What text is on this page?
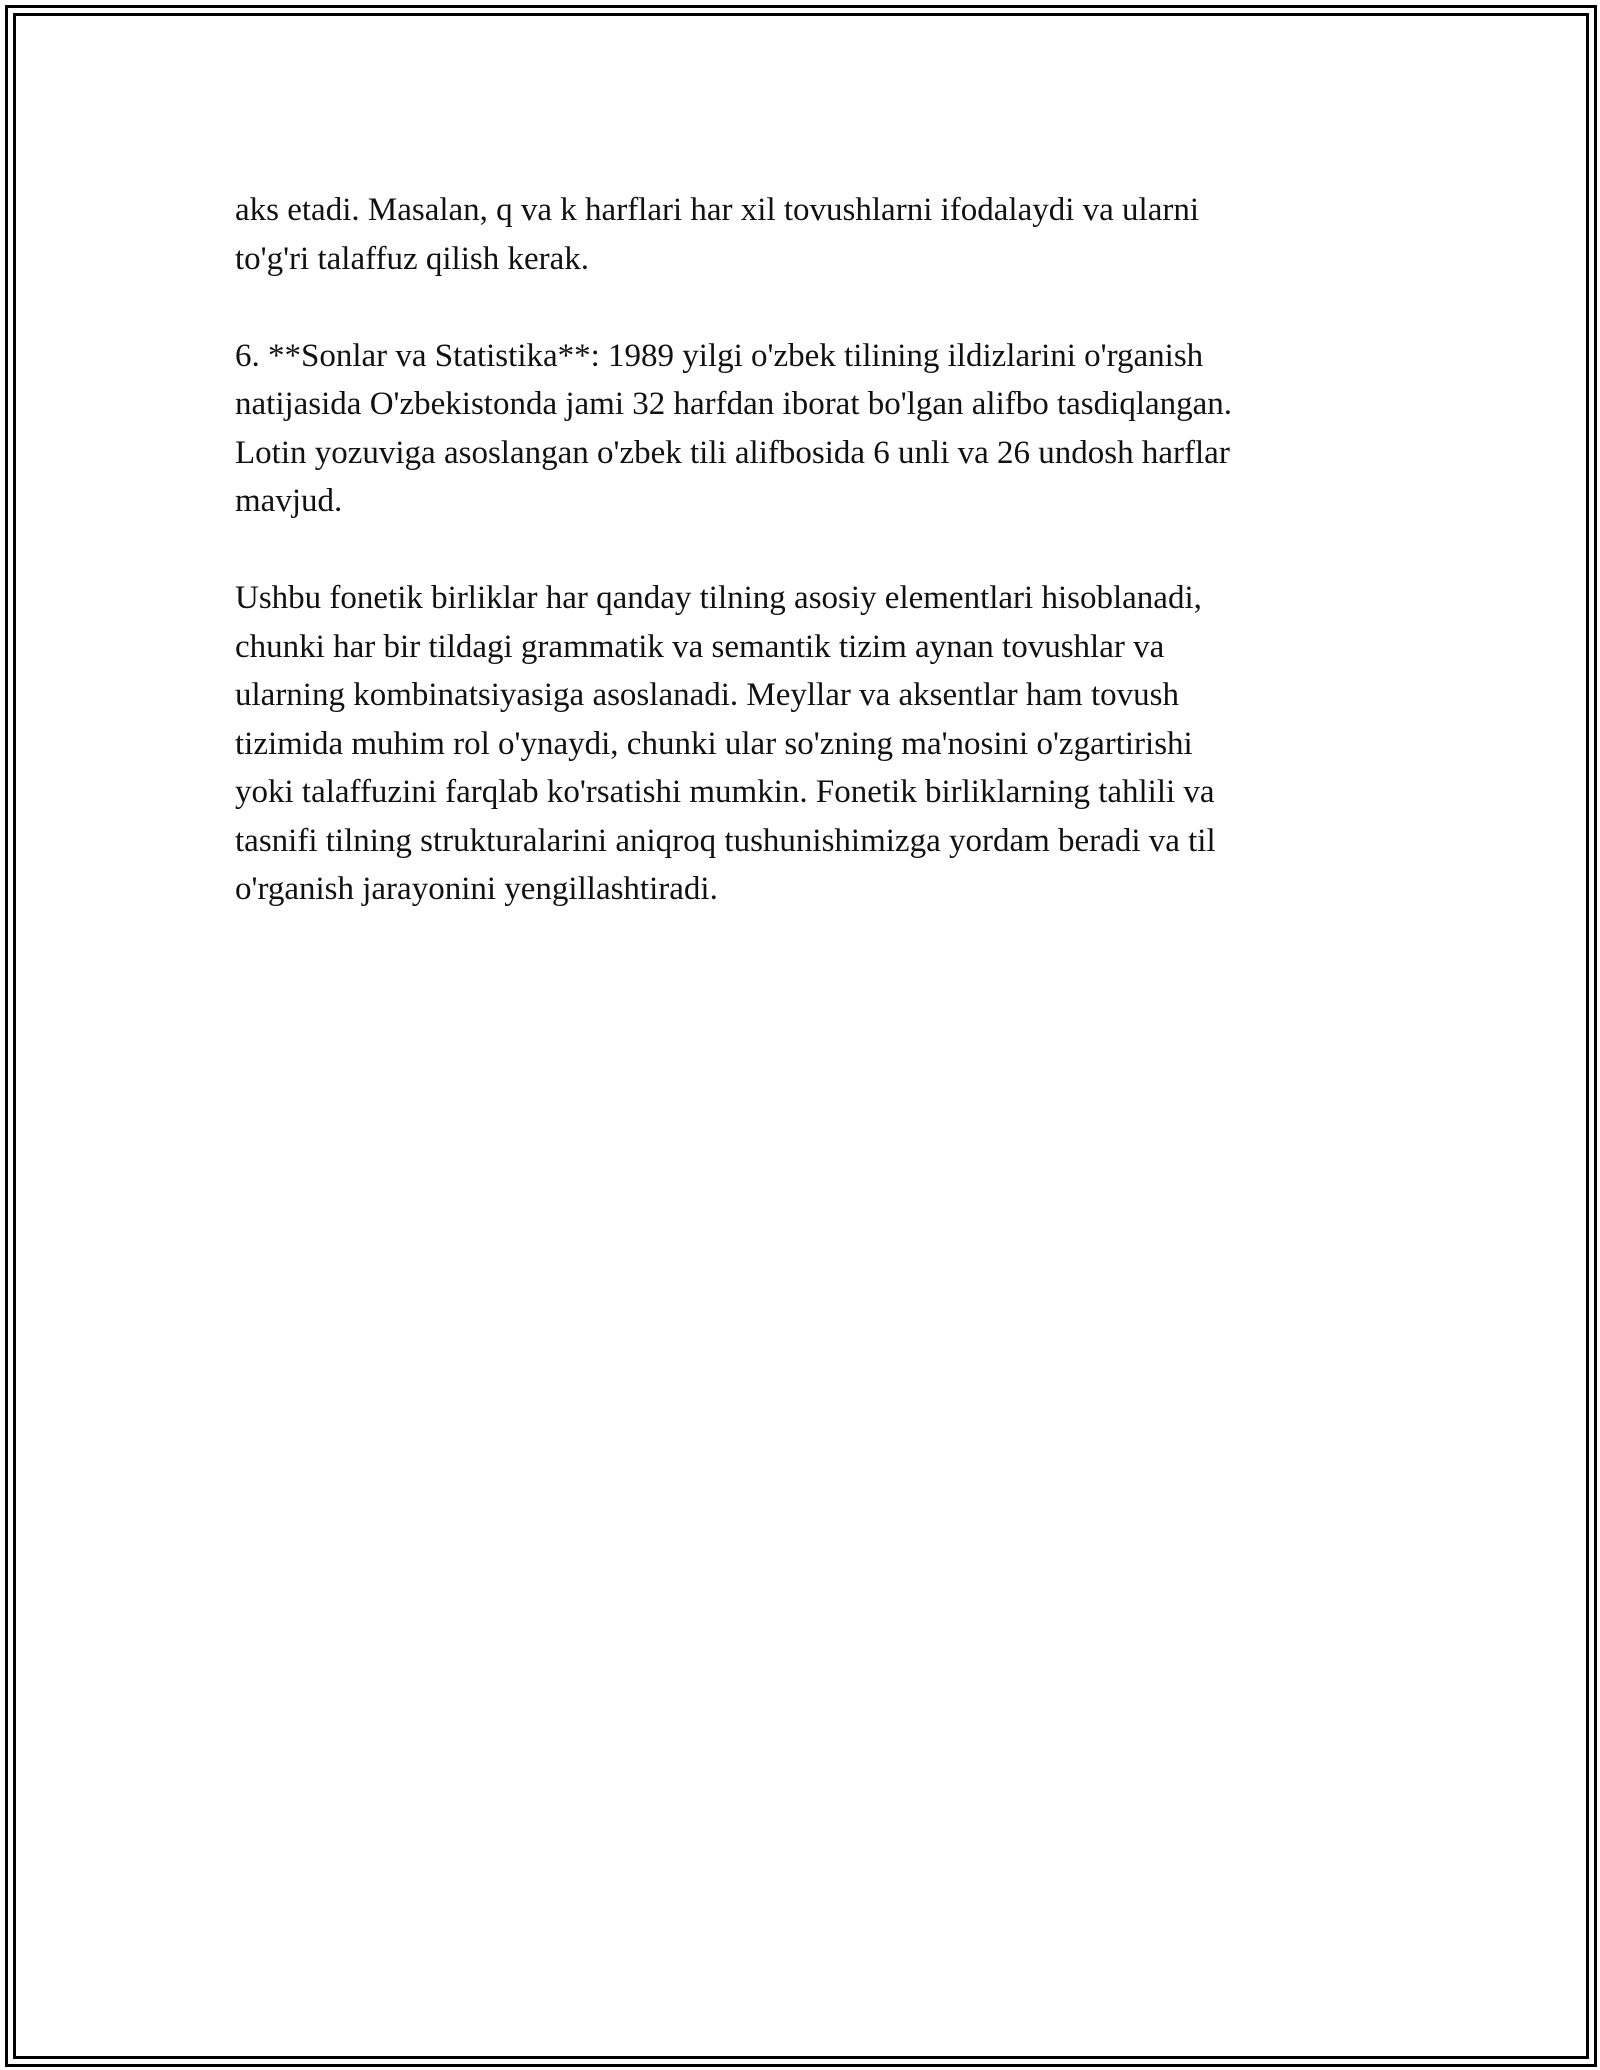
aks etadi. Masalan, q va k harflari har xil tovushlarni ifodalaydi va ularni
to'g'ri talaffuz qilish kerak.

6. **Sonlar va Statistika**: 1989 yilgi o'zbek tilining ildizlarini o'rganish
natijasida O'zbekistonda jami 32 harfdan iborat bo'lgan alifbo tasdiqlangan.
Lotin yozuviga asoslangan o'zbek tili alifbosida 6 unli va 26 undosh harflar
mavjud.

Ushbu fonetik birliklar har qanday tilning asosiy elementlari hisoblanadi,
chunki har bir tildagi grammatik va semantik tizim aynan tovushlar va
ularning kombinatsiyasiga asoslanadi. Meyllar va aksentlar ham tovush
tizimida muhim rol o'ynaydi, chunki ular so'zning ma'nosini o'zgartirishi
yoki talaffuzini farqlab ko'rsatishi mumkin. Fonetik birliklarning tahlili va
tasnifi tilning strukturalarini aniqroq tushunishimizga yordam beradi va til
o'rganish jarayonini yengillashtiradi.
